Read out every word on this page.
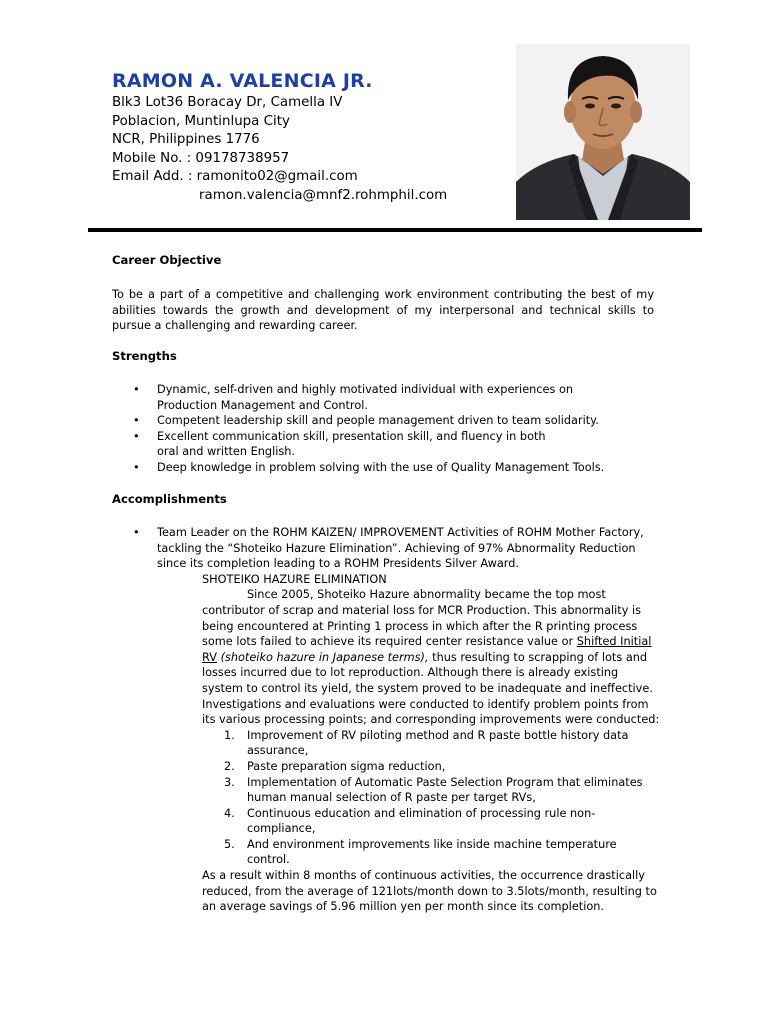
RAMON A. VALENCIA JR.
Blk3 Lot36 Boracay Dr, Camella IV
Poblacion, Muntinlupa City
NCR, Philippines 1776
Mobile No. : 09178738957
Email Add. : ramonito02@gmail.com
ramon.valencia@mnf2.rohmphil.com
Career Objective
To be a part of a competitive and challenging work environment contributing the best of my abilities towards the growth and development of my interpersonal and technical skills to pursue a challenging and rewarding career.
Strengths
• Dynamic, self-driven and highly motivated individual with experiences on Production Management and Control.
• Competent leadership skill and people management driven to team solidarity.
• Excellent communication skill, presentation skill, and fluency in both oral and written English.
• Deep knowledge in problem solving with the use of Quality Management Tools.
Accomplishments
• Team Leader on the ROHM KAIZEN/ IMPROVEMENT Activities of ROHM Mother Factory, tackling the “Shoteiko Hazure Elimination”. Achieving of 97% Abnormality Reduction since its completion leading to a ROHM Presidents Silver Award.
SHOTEIKO HAZURE ELIMINATION
Since 2005, Shoteiko Hazure abnormality became the top most contributor of scrap and material loss for MCR Production. This abnormality is being encountered at Printing 1 process in which after the R printing process some lots failed to achieve its required center resistance value or Shifted Initial RV (shoteiko hazure in Japanese terms), thus resulting to scrapping of lots and losses incurred due to lot reproduction. Although there is already existing system to control its yield, the system proved to be inadequate and ineffective. Investigations and evaluations were conducted to identify problem points from its various processing points; and corresponding improvements were conducted:
1. Improvement of RV piloting method and R paste bottle history data assurance,
2. Paste preparation sigma reduction,
3. Implementation of Automatic Paste Selection Program that eliminates human manual selection of R paste per target RVs,
4. Continuous education and elimination of processing rule non-compliance,
5. And environment improvements like inside machine temperature control.
As a result within 8 months of continuous activities, the occurrence drastically reduced, from the average of 121lots/month down to 3.5lots/month, resulting to an average savings of 5.96 million yen per month since its completion.
